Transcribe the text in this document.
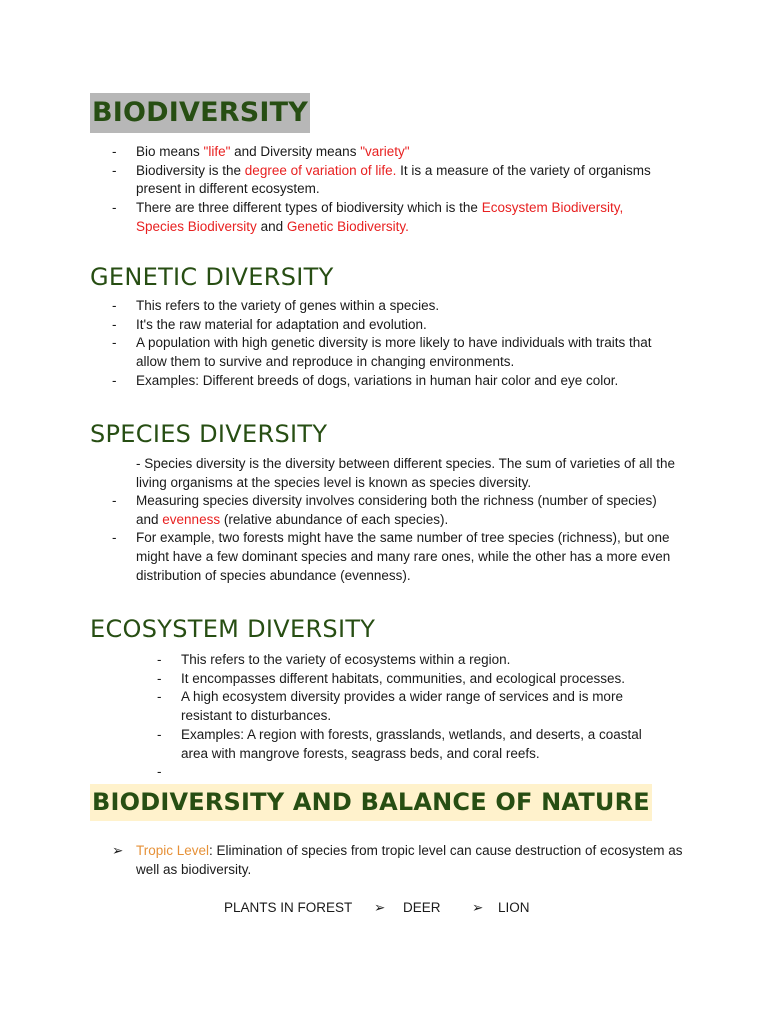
BIODIVERSITY
- Bio means "life" and Diversity means "variety"
- Biodiversity is the degree of variation of life. It is a measure of the variety of organisms present in different ecosystem.
- There are three different types of biodiversity which is the Ecosystem Biodiversity, Species Biodiversity and Genetic Biodiversity.
GENETIC DIVERSITY
- This refers to the variety of genes within a species.
- It's the raw material for adaptation and evolution.
- A population with high genetic diversity is more likely to have individuals with traits that allow them to survive and reproduce in changing environments.
- Examples: Different breeds of dogs, variations in human hair color and eye color.
SPECIES DIVERSITY

- Species diversity is the diversity between different species. The sum of varieties of all the living organisms at the species level is known as species diversity.

- Measuring species diversity involves considering both the richness (number of species) and evenness (relative abundance of each species).
- For example, two forests might have the same number of tree species (richness), but one might have a few dominant species and many rare ones, while the other has a more even distribution of species abundance (evenness).
ECOSYSTEM DIVERSITY
- This refers to the variety of ecosystems within a region.
- It encompasses different habitats, communities, and ecological processes.
- A high ecosystem diversity provides a wider range of services and is more resistant to disturbances.
- Examples: A region with forests, grasslands, wetlands, and deserts, a coastal area with mangrove forests, seagrass beds, and coral reefs.
-
BIODIVERSITY AND BALANCE OF NATURE
➢ Tropic Level: Elimination of species from tropic level can cause destruction of ecosystem as well as biodiversity.
PLANTS IN FOREST ➢ DEER ➢ LION
